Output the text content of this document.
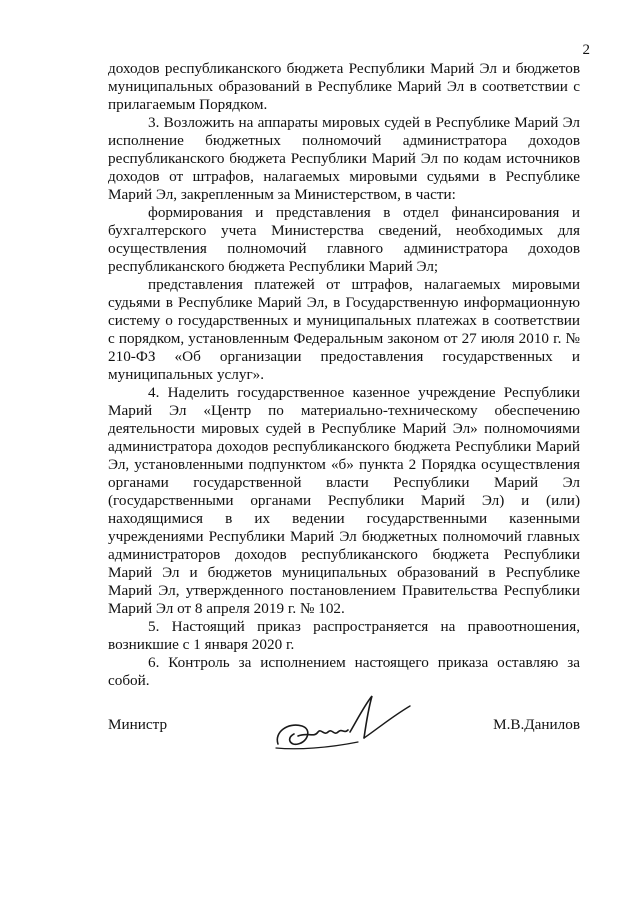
2

доходов республиканского бюджета Республики Марий Эл и бюджетов муниципальных образований в Республике Марий Эл в соответствии с прилагаемым Порядком.

3. Возложить на аппараты мировых судей в Республике Марий Эл исполнение бюджетных полномочий администратора доходов республиканского бюджета Республики Марий Эл по кодам источников доходов от штрафов, налагаемых мировыми судьями в Республике Марий Эл, закрепленным за Министерством, в части:

формирования и представления в отдел финансирования и бухгалтерского учета Министерства сведений, необходимых для осуществления полномочий главного администратора доходов республиканского бюджета Республики Марий Эл;

представления платежей от штрафов, налагаемых мировыми судьями в Республике Марий Эл, в Государственную информационную систему о государственных и муниципальных платежах в соответствии с порядком, установленным Федеральным законом от 27 июля 2010 г. № 210-ФЗ «Об организации предоставления государственных и муниципальных услуг».

4. Наделить государственное казенное учреждение Республики Марий Эл «Центр по материально-техническому обеспечению деятельности мировых судей в Республике Марий Эл» полномочиями администратора доходов республиканского бюджета Республики Марий Эл, установленными подпунктом «б» пункта 2 Порядка осуществления органами государственной власти Республики Марий Эл (государственными органами Республики Марий Эл) и (или) находящимися в их ведении государственными казенными учреждениями Республики Марий Эл бюджетных полномочий главных администраторов доходов республиканского бюджета Республики Марий Эл и бюджетов муниципальных образований в Республике Марий Эл, утвержденного постановлением Правительства Республики Марий Эл от 8 апреля 2019 г. № 102.

5. Настоящий приказ распространяется на правоотношения, возникшие с 1 января 2020 г.

6. Контроль за исполнением настоящего приказа оставляю за собой.

Министр	М.В.Данилов
